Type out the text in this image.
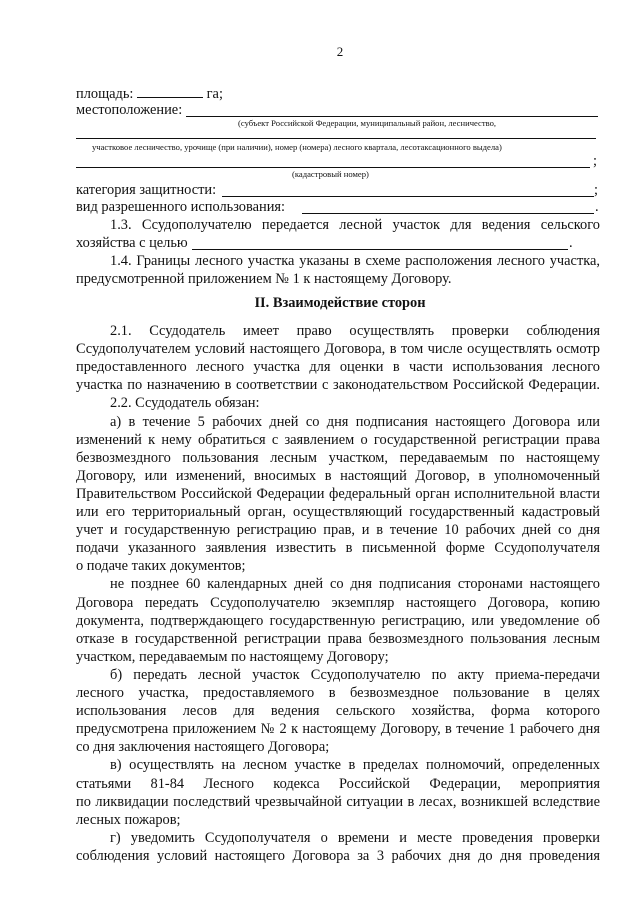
2
площадь:	га;
местоположение:
(субъект Российской Федерации, муниципальный район, лесничество,
участковое лесничество, урочище (при наличии), номер (номера) лесного квартала, лесотаксационного выдела)
;
(кадастровый номер)
категория защитности:	;
вид разрешенного использования:	.
1.3. Ссудополучателю передается лесной участок для ведения сельского
хозяйства с целью	.
1.4. Границы лесного участка указаны в схеме расположения лесного участка,
предусмотренной приложением № 1 к настоящему Договору.
II. Взаимодействие сторон
2.1. Ссудодатель имеет право осуществлять проверки соблюдения
Ссудополучателем условий настоящего Договора, в том числе осуществлять осмотр
предоставленного лесного участка для оценки в части использования лесного
участка по назначению в соответствии с законодательством Российской Федерации.
2.2. Ссудодатель обязан:
а) в течение 5 рабочих дней со дня подписания настоящего Договора или
изменений к нему обратиться с заявлением о государственной регистрации права
безвозмездного пользования лесным участком, передаваемым по настоящему
Договору, или изменений, вносимых в настоящий Договор, в уполномоченный
Правительством Российской Федерации федеральный орган исполнительной власти
или его территориальный орган, осуществляющий государственный кадастровый
учет и государственную регистрацию прав, и в течение 10 рабочих дней со дня
подачи указанного заявления известить в письменной форме Ссудополучателя
о подаче таких документов;
не позднее 60 календарных дней со дня подписания сторонами настоящего
Договора передать Ссудополучателю экземпляр настоящего Договора, копию
документа, подтверждающего государственную регистрацию, или уведомление об
отказе в государственной регистрации права безвозмездного пользования лесным
участком, передаваемым по настоящему Договору;
б) передать лесной участок Ссудополучателю по акту приема-передачи
лесного участка, предоставляемого в безвозмездное пользование в целях
использования лесов для ведения сельского хозяйства, форма которого
предусмотрена приложением № 2 к настоящему Договору, в течение 1 рабочего дня
со дня заключения настоящего Договора;
в) осуществлять на лесном участке в пределах полномочий, определенных
статьями 81-84 Лесного кодекса Российской Федерации, мероприятия
по ликвидации последствий чрезвычайной ситуации в лесах, возникшей вследствие
лесных пожаров;
г) уведомить Ссудополучателя о времени и месте проведения проверки
соблюдения условий настоящего Договора за 3 рабочих дня до дня проведения
